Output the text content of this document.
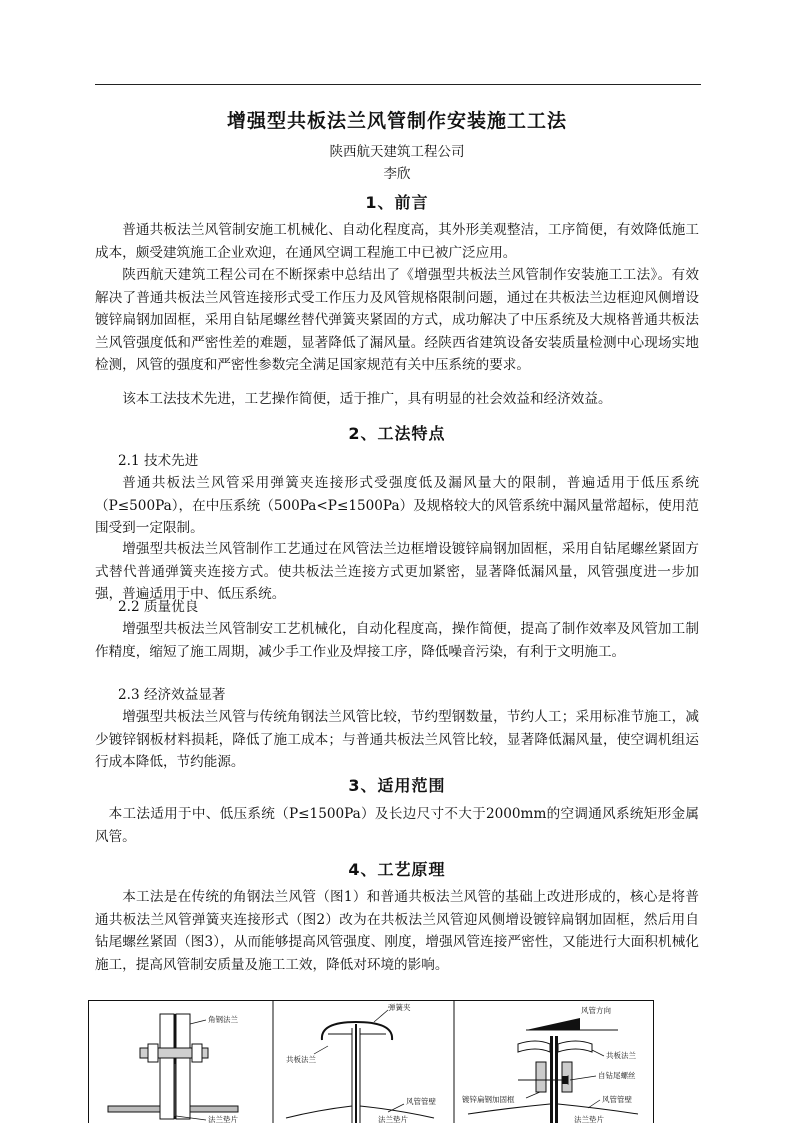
增强型共板法兰风管制作安装施工工法
陕西航天建筑工程公司
李欣
1、前言

普通共板法兰风管制安施工机械化、自动化程度高，其外形美观整洁，工序简便，有效降低施工成本，颇受建筑施工企业欢迎，在通风空调工程施工中已被广泛应用。

陕西航天建筑工程公司在不断探索中总结出了《增强型共板法兰风管制作安装施工工法》。有效解决了普通共板法兰风管连接形式受工作压力及风管规格限制问题，通过在共板法兰边框迎风侧增设镀锌扁钢加固框，采用自钻尾螺丝替代弹簧夹紧固的方式，成功解决了中压系统及大规格普通共板法兰风管强度低和严密性差的难题，显著降低了漏风量。经陕西省建筑设备安装质量检测中心现场实地检测，风管的强度和严密性参数完全满足国家规范有关中压系统的要求。

该本工法技术先进，工艺操作简便，适于推广，具有明显的社会效益和经济效益。

2、工法特点
2.1 技术先进

普通共板法兰风管采用弹簧夹连接形式受强度低及漏风量大的限制，普遍适用于低压系统（P≤500Pa），在中压系统（500Pa<P≤1500Pa）及规格较大的风管系统中漏风量常超标，使用范围受到一定限制。

增强型共板法兰风管制作工艺通过在风管法兰边框增设镀锌扁钢加固框，采用自钻尾螺丝紧固方式替代普通弹簧夹连接方式。使共板法兰连接方式更加紧密，显著降低漏风量，风管强度进一步加强，普遍适用于中、低压系统。

2.2 质量优良

增强型共板法兰风管制安工艺机械化，自动化程度高，操作简便，提高了制作效率及风管加工制作精度，缩短了施工周期，减少手工作业及焊接工序，降低噪音污染，有利于文明施工。

2.3 经济效益显著

增强型共板法兰风管与传统角钢法兰风管比较，节约型钢数量，节约人工；采用标准节施工，减少镀锌钢板材料损耗，降低了施工成本；与普通共板法兰风管比较，显著降低漏风量，使空调机组运行成本降低，节约能源。

3、适用范围

本工法适用于中、低压系统（P≤1500Pa）及长边尺寸不大于2000mm的空调通风系统矩形金属风管。

4、工艺原理

本工法是在传统的角钢法兰风管（图1）和普通共板法兰风管的基础上改进形成的，核心是将普通共板法兰风管弹簧夹连接形式（图2）改为在共板法兰风管迎风侧增设镀锌扁钢加固框，然后用自钻尾螺丝紧固（图3），从而能够提高风管强度、刚度，增强风管连接严密性，又能进行大面积机械化施工，提高风管制安质量及施工工效，降低对环境的影响。

角钢法兰
法兰垫片
弹簧夹
共板法兰
风管管壁
法兰垫片
风管方向
共板法兰
自钻尾螺丝
镀锌扁钢加固框	风管管壁
法兰垫片
